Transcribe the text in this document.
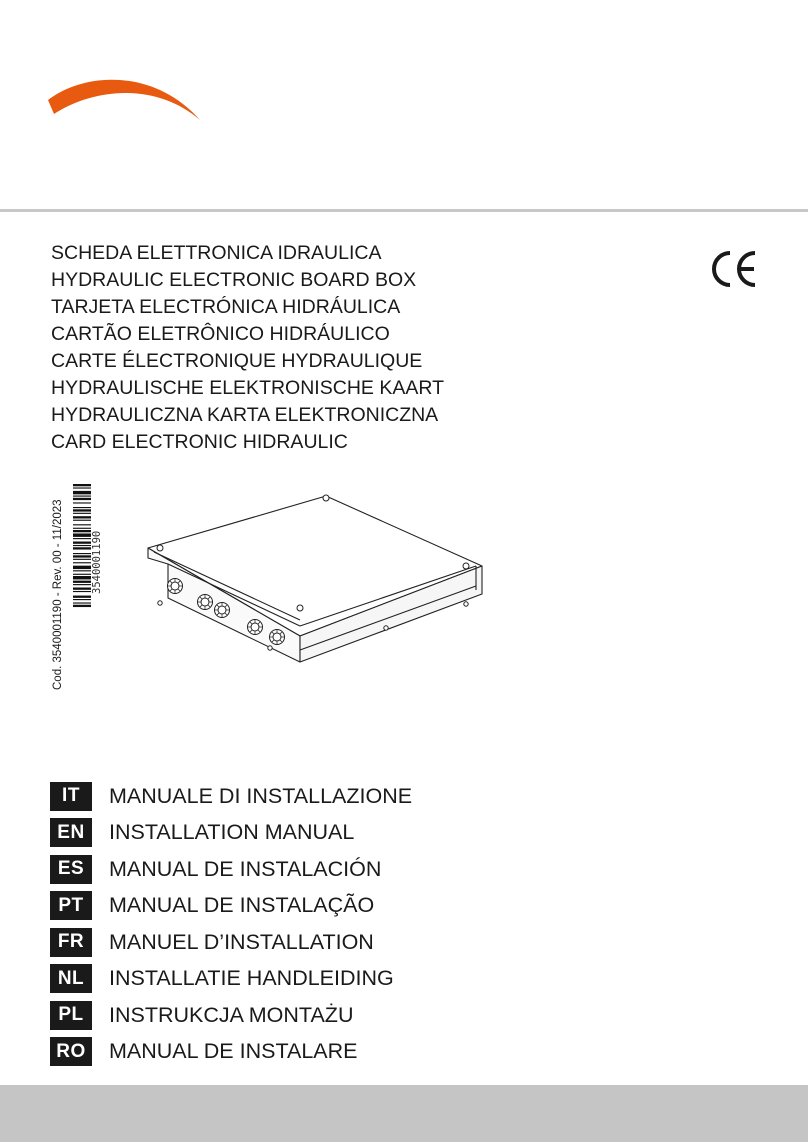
SCHEDA ELETTRONICA IDRAULICA
HYDRAULIC ELECTRONIC BOARD BOX
TARJETA ELECTRÓNICA HIDRÁULICA
CARTÃO ELETRÔNICO HIDRÁULICO
CARTE ÉLECTRONIQUE HYDRAULIQUE
HYDRAULISCHE ELEKTRONISCHE KAART
HYDRAULICZNA KARTA ELEKTRONICZNA
CARD ELECTRONIC HIDRAULIC
Cod. 3540001190 - Rev. 00 - 11/2023	3540001190
IT	MANUALE DI INSTALLAZIONE
EN	INSTALLATION MANUAL
ES	MANUAL DE INSTALACIÓN
PT	MANUAL DE INSTALAÇÃO
FR	MANUEL D’INSTALLATION
NL	INSTALLATIE HANDLEIDING
PL	INSTRUKCJA MONTAŻU
RO MANUAL DE INSTALARE
